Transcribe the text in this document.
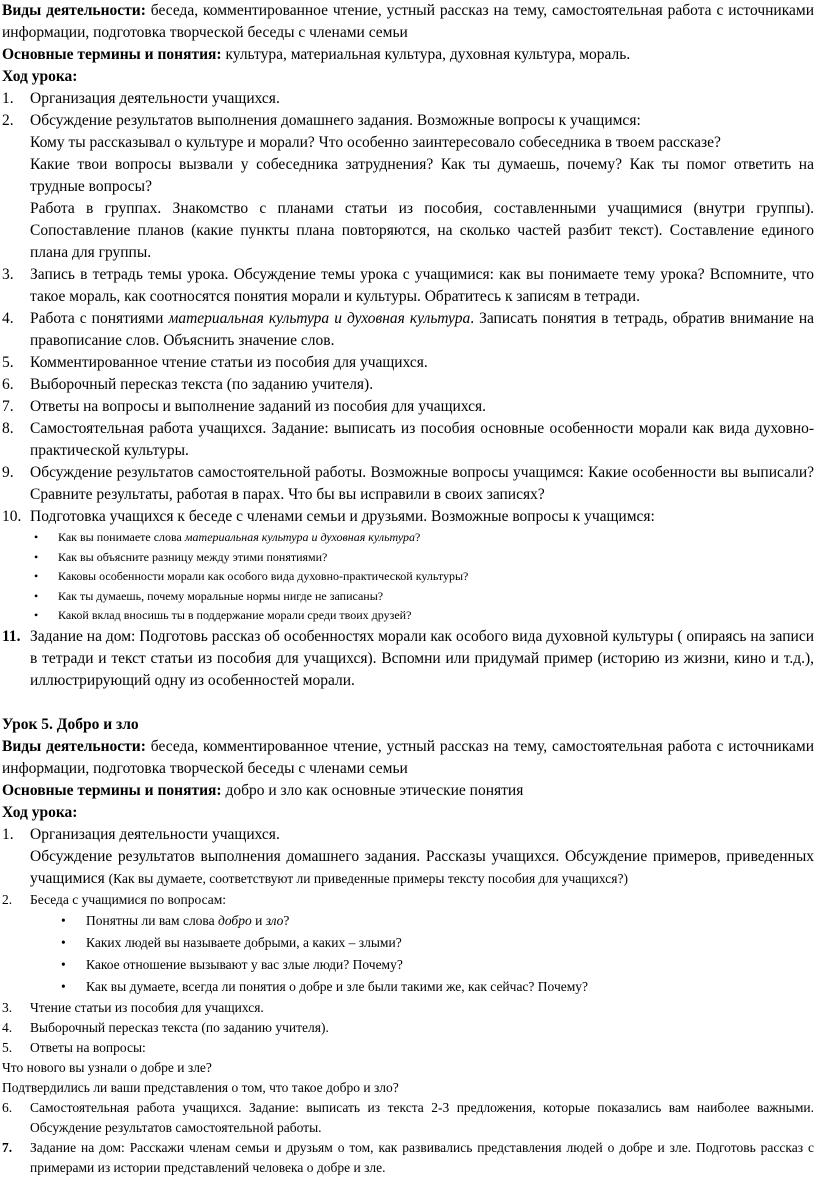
Виды деятельности: беседа, комментированное чтение, устный рассказ на тему, самостоятельная работа с источниками информации, подготовка творческой беседы с членами семьи

Основные термины и понятия: культура, материальная культура, духовная культура, мораль.

Ход урока:

1. Организация деятельности учащихся.
2. Обсуждение результатов выполнения домашнего задания. Возможные вопросы к учащимся:
Кому ты рассказывал о культуре и морали? Что особенно заинтересовало собеседника в твоем рассказе?
Какие твои вопросы вызвали у собеседника затруднения? Как ты думаешь, почему? Как ты помог ответить на трудные вопросы?
Работа в группах. Знакомство с планами статьи из пособия, составленными учащимися (внутри группы). Сопоставление планов (какие пункты плана повторяются, на сколько частей разбит текст). Составление единого плана для группы.
3. Запись в тетрадь темы урока. Обсуждение темы урока с учащимися: как вы понимаете тему урока? Вспомните, что такое мораль, как соотносятся понятия морали и культуры. Обратитесь к записям в тетради.
4. Работа с понятиями материальная культура и духовная культура. Записать понятия в тетрадь, обратив внимание на правописание слов. Объяснить значение слов.
5. Комментированное чтение статьи из пособия для учащихся.
6. Выборочный пересказ текста (по заданию учителя).
7. Ответы на вопросы и выполнение заданий из пособия для учащихся.
8. Самостоятельная работа учащихся. Задание: выписать из пособия основные особенности морали как вида духовно-практической культуры.
9. Обсуждение результатов самостоятельной работы. Возможные вопросы учащимся: Какие особенности вы выписали? Сравните результаты, работая в парах. Что бы вы исправили в своих записях?
10. Подготовка учащихся к беседе с членами семьи и друзьями. Возможные вопросы к учащимся:
• Как вы понимаете слова материальная культура и духовная культура?
• Как вы объясните разницу между этими понятиями?
• Каковы особенности морали как особого вида духовно-практической культуры?
• Как ты думаешь, почему моральные нормы нигде не записаны?
• Какой вклад вносишь ты в поддержание морали среди твоих друзей?
11. Задание на дом: Подготовь рассказ об особенностях морали как особого вида духовной культуры ( опираясь на записи в тетради и текст статьи из пособия для учащихся). Вспомни или придумай пример (историю из жизни, кино и т.д.), иллюстрирующий одну из особенностей морали.

Урок 5. Добро и зло

Виды деятельности: беседа, комментированное чтение, устный рассказ на тему, самостоятельная работа с источниками информации, подготовка творческой беседы с членами семьи

Основные термины и понятия: добро и зло как основные этические понятия

Ход урока:

1. Организация деятельности учащихся.
Обсуждение результатов выполнения домашнего задания. Рассказы учащихся. Обсуждение примеров, приведенных учащимися (Как вы думаете, соответствуют ли приведенные примеры тексту пособия для учащихся?)
2. Беседа с учащимися по вопросам:
• Понятны ли вам слова добро и зло?
• Каких людей вы называете добрыми, а каких – злыми?
• Какое отношение вызывают у вас злые люди? Почему?
• Как вы думаете, всегда ли понятия о добре и зле были такими же, как сейчас? Почему?
3. Чтение статьи из пособия для учащихся.
4. Выборочный пересказ текста (по заданию учителя).
5. Ответы на вопросы:
Что нового вы узнали о добре и зле?
Подтвердились ли ваши представления о том, что такое добро и зло?
6. Самостоятельная работа учащихся. Задание: выписать из текста 2-3 предложения, которые показались вам наиболее важными. Обсуждение результатов самостоятельной работы.
7. Задание на дом: Расскажи членам семьи и друзьям о том, как развивались представления людей о добре и зле. Подготовь рассказ с примерами из истории представлений человека о добре и зле.
